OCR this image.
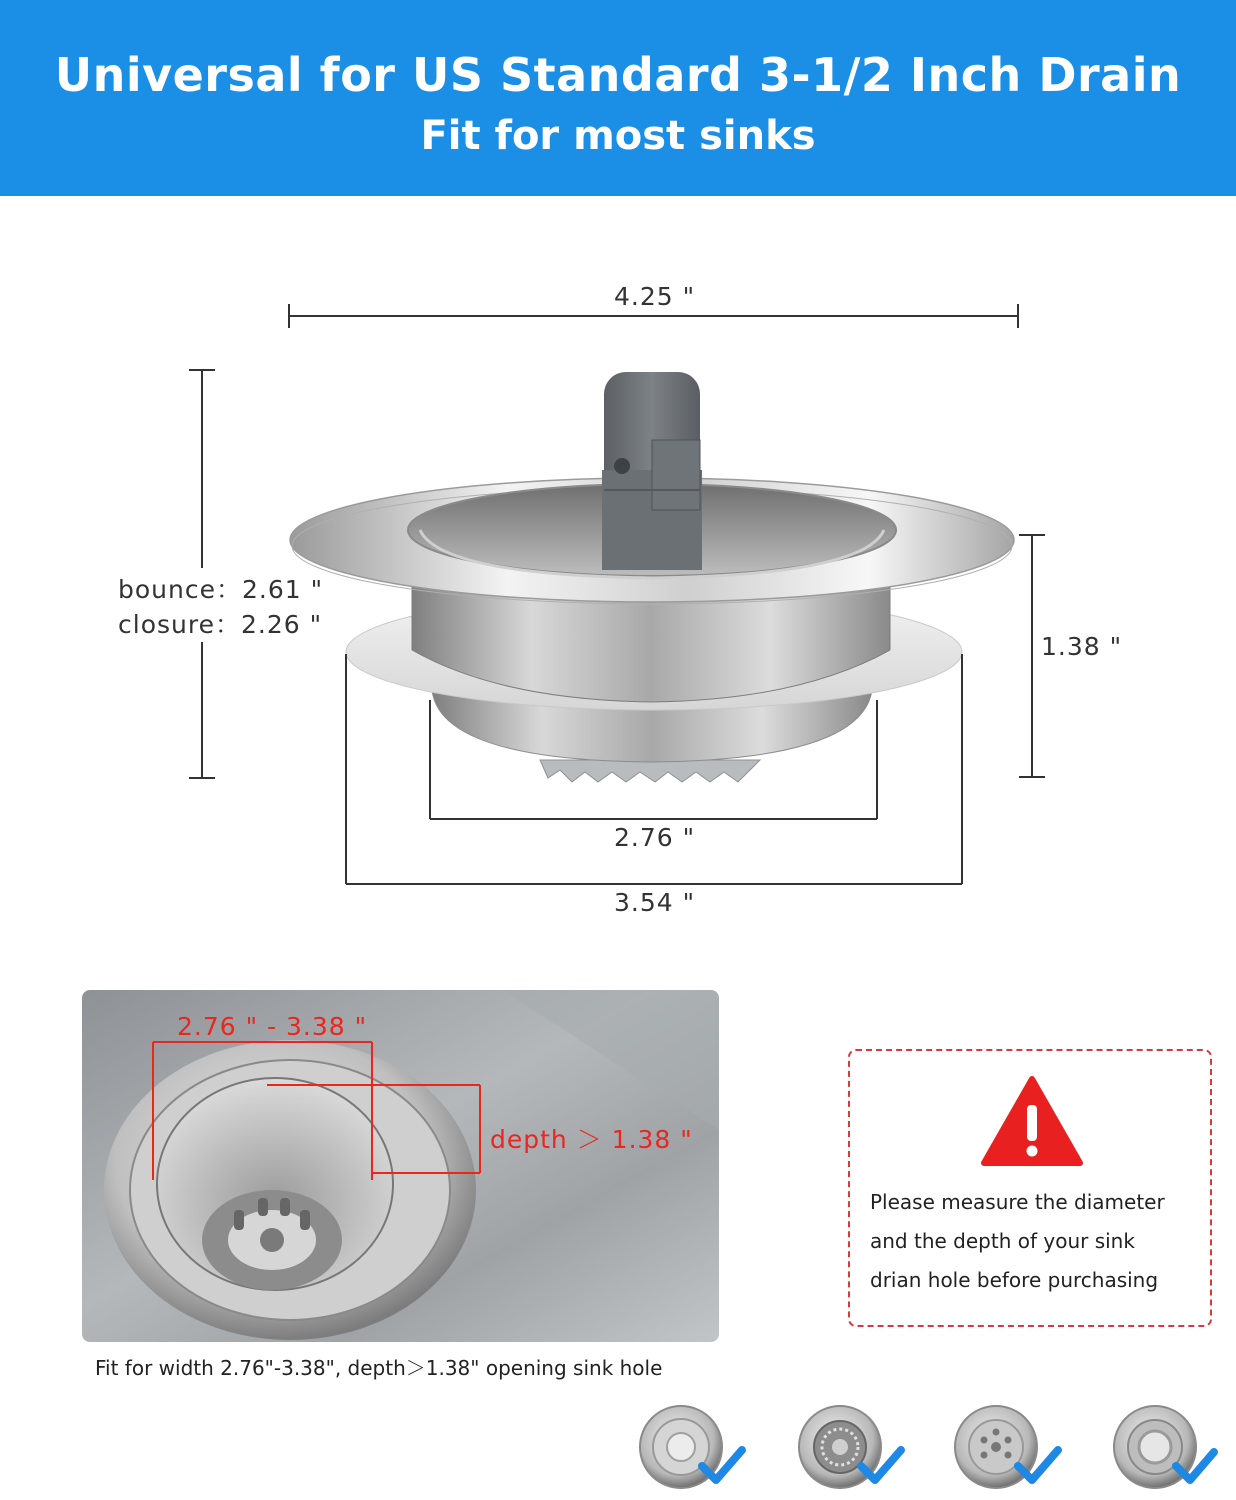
Universal for US Standard 3-1/2 Inch Drain
Fit for most sinks
4.25 "
bounce：2.61 "
closure：2.26 "
1.38 "
2.76 "
3.54 "
2.76 " - 3.38 "
depth ＞ 1.38 "
Fit for width 2.76"-3.38", depth＞1.38" opening sink hole
Please measure the diameter
and the depth of your sink
drian hole before purchasing
